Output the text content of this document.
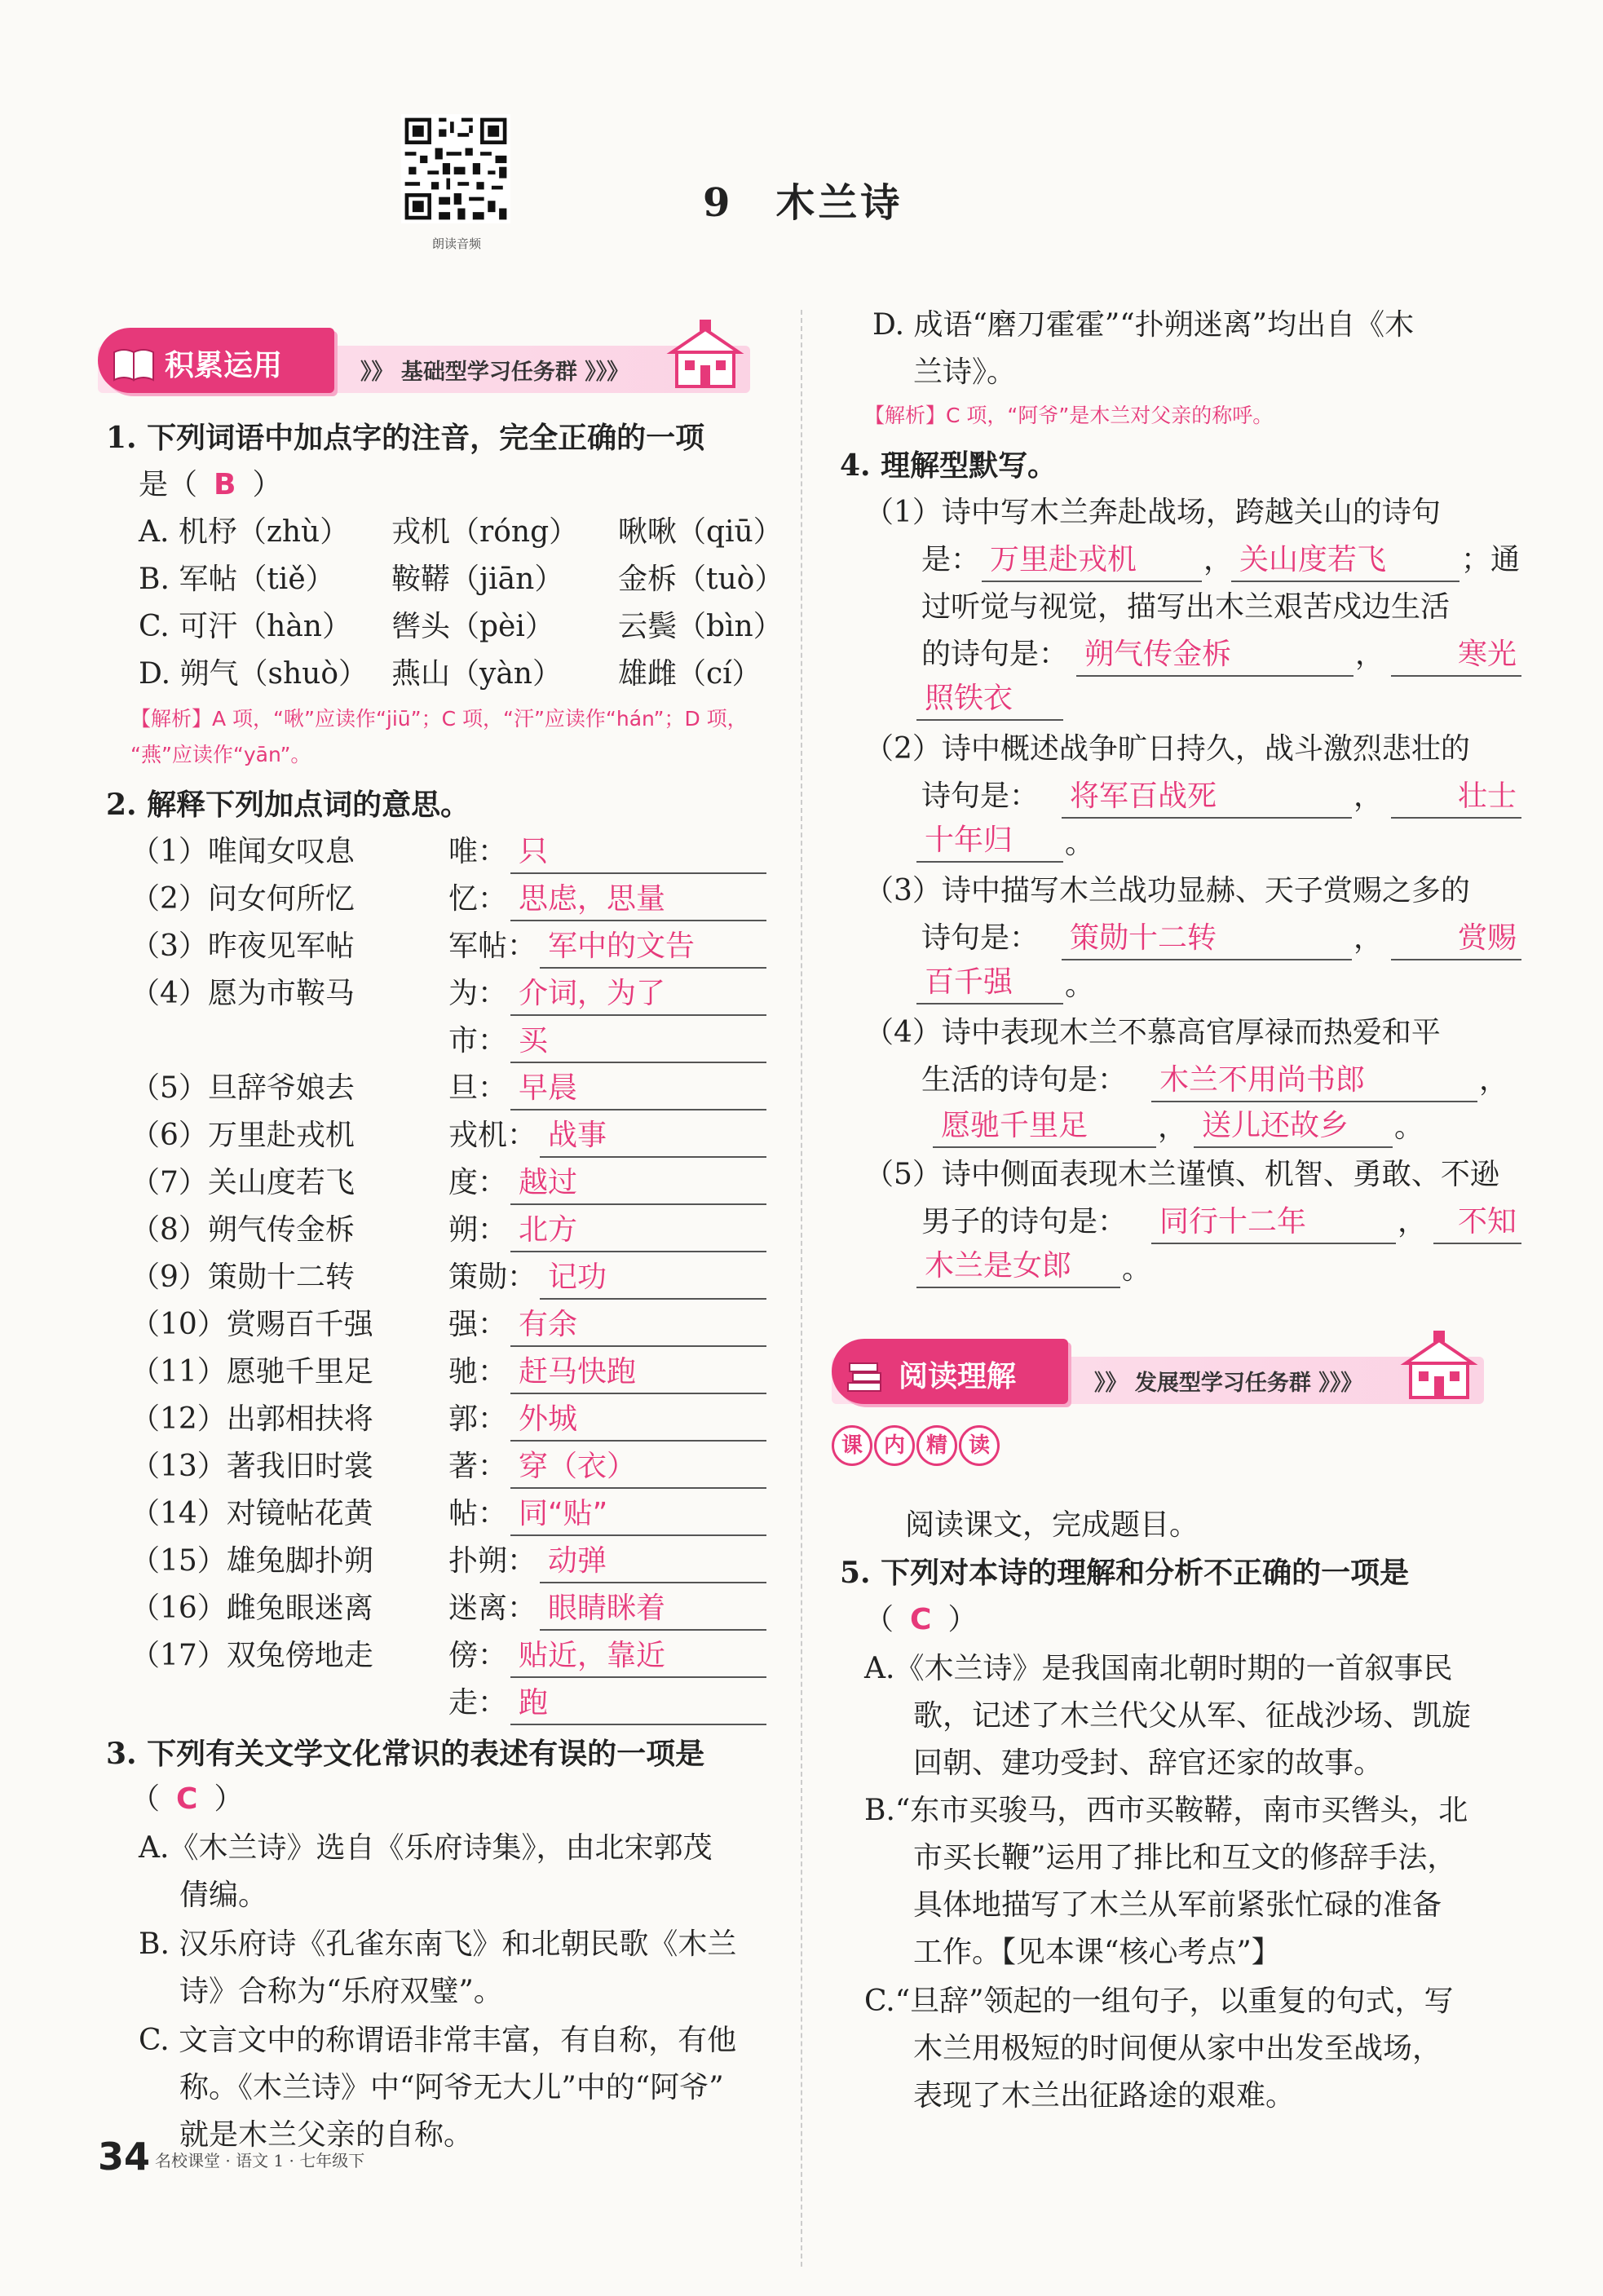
朗读音频
9　木兰诗
积累运用	》》 基础型学习任务群 》》》
1. 下列词语中加点字的注音，完全正确的一项
是（ B ）
A. 机杼（zhù） 戎机（róng） 啾啾（qiū）
B. 军帖（tiě） 鞍鞯（jiān） 金柝（tuò）
C. 可汗（hàn） 辔头（pèi） 云鬓（bìn）
D. 朔气（shuò） 燕山（yàn） 雄雌（cí）
【解析】A 项，“啾”应读作“jiū”；C 项，“汗”应读作“hán”；D 项，
“燕”应读作“yān”。
2. 解释下列加点词的意思。
（1）唯闻女叹息	唯： 只
（2）问女何所忆	忆： 思虑，思量
（3）昨夜见军帖	军帖： 军中的文告
（4）愿为市鞍马	为： 介词，为了
市： 买
（5）旦辞爷娘去	旦： 早晨
（6）万里赴戎机	戎机： 战事
（7）关山度若飞	度： 越过
（8）朔气传金柝	朔： 北方
（9）策勋十二转	策勋： 记功
（10）赏赐百千强	强： 有余
（11）愿驰千里足	驰： 赶马快跑
（12）出郭相扶将	郭： 外城
（13）著我旧时裳	著： 穿（衣）
（14）对镜帖花黄	帖： 同“贴”
（15）雄兔脚扑朔	扑朔： 动弹
（16）雌兔眼迷离	迷离： 眼睛眯着
（17）双兔傍地走	傍： 贴近，靠近
走： 跑
3. 下列有关文学文化常识的表述有误的一项是
（ C ）
A.《木兰诗》选自《乐府诗集》，由北宋郭茂
倩编。
B. 汉乐府诗《孔雀东南飞》和北朝民歌《木兰
诗》合称为“乐府双璧”。
C. 文言文中的称谓语非常丰富，有自称，有他
称。《木兰诗》中“阿爷无大儿”中的“阿爷”
就是木兰父亲的自称。
D. 成语“磨刀霍霍”“扑朔迷离”均出自《木
兰诗》。
【解析】C 项，“阿爷”是木兰对父亲的称呼。
4. 理解型默写。
（1）诗中写木兰奔赴战场，跨越关山的诗句
是： 万里赴戎机	， 关山度若飞	；通
过听觉与视觉，描写出木兰艰苦戍边生活
的诗句是： 朔气传金柝	，	寒光
照铁衣
（2）诗中概述战争旷日持久，战斗激烈悲壮的
诗句是： 将军百战死	，	壮士
十年归	。
（3）诗中描写木兰战功显赫、天子赏赐之多的
诗句是： 策勋十二转	，	赏赐
百千强	。
（4）诗中表现木兰不慕高官厚禄而热爱和平
生活的诗句是： 木兰不用尚书郎	，
愿驰千里足	， 送儿还故乡	。
（5）诗中侧面表现木兰谨慎、机智、勇敢、不逊
男子的诗句是： 同行十二年	，	不知
木兰是女郎	。
阅读理解	》》 发展型学习任务群 》》》
课 内 精 读
阅读课文，完成题目。
5. 下列对本诗的理解和分析不正确的一项是
（ C ）
A.《木兰诗》是我国南北朝时期的一首叙事民
歌，记述了木兰代父从军、征战沙场、凯旋
回朝、建功受封、辞官还家的故事。
B.“东市买骏马，西市买鞍鞯，南市买辔头，北
市买长鞭”运用了排比和互文的修辞手法，
具体地描写了木兰从军前紧张忙碌的准备
工作。【见本课“核心考点”】
C.“旦辞”领起的一组句子，以重复的句式，写
木兰用极短的时间便从家中出发至战场，
表现了木兰出征路途的艰难。
34 名校课堂 · 语文 1 · 七年级下
